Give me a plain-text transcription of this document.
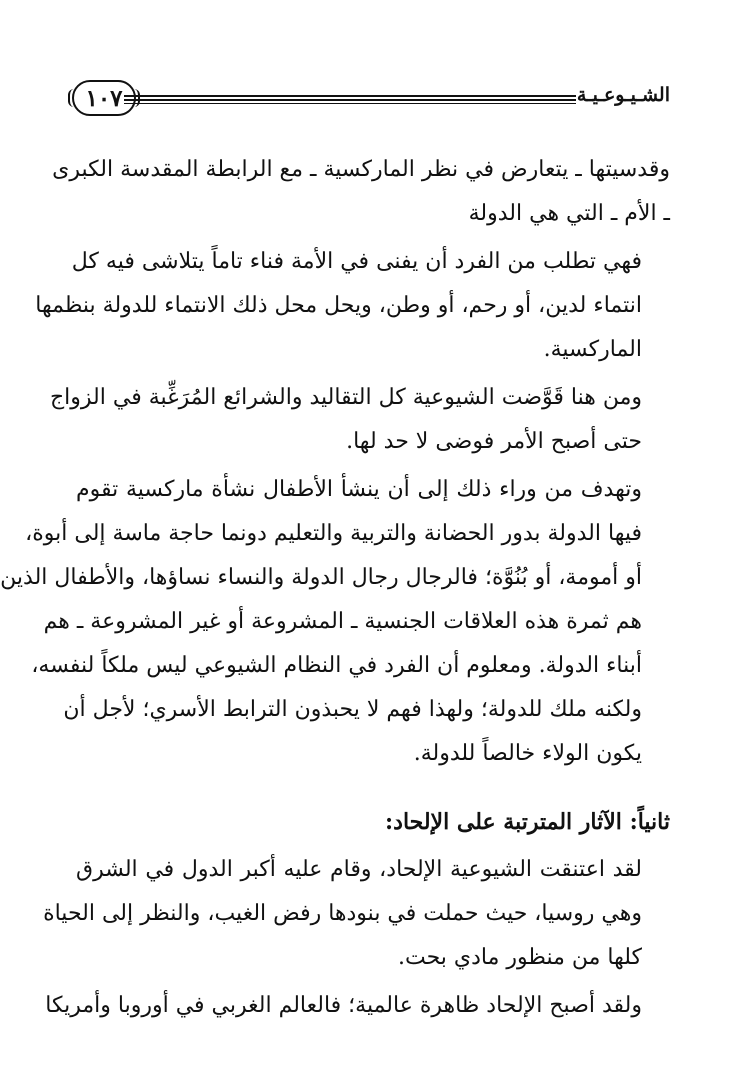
الشـيـوعـيـة
١٠٧

وقدسيتها ـ يتعارض في نظر الماركسية ـ مع الرابطة المقدسة الكبرى
ـ الأم ـ التي هي الدولة

فهي تطلب من الفرد أن يفنى في الأمة فناء تاماً يتلاشى فيه كل
انتماء لدين، أو رحم، أو وطن، ويحل محل ذلك الانتماء للدولة بنظمها
الماركسية.

ومن هنا قَوَّضت الشيوعية كل التقاليد والشرائع المُرَغِّبة في الزواج
حتى أصبح الأمر فوضى لا حد لها.

وتهدف من وراء ذلك إلى أن ينشأ الأطفال نشأة ماركسية تقوم
فيها الدولة بدور الحضانة والتربية والتعليم دونما حاجة ماسة إلى أبوة،
أو أمومة، أو بُنُوَّة؛ فالرجال رجال الدولة والنساء نساؤها، والأطفال الذين
هم ثمرة هذه العلاقات الجنسية ـ المشروعة أو غير المشروعة ـ هم
أبناء الدولة. ومعلوم أن الفرد في النظام الشيوعي ليس ملكاً لنفسه،
ولكنه ملك للدولة؛ ولهذا فهم لا يحبذون الترابط الأسري؛ لأجل أن
يكون الولاء خالصاً للدولة.

ثانياً: الآثار المترتبة على الإلحاد:

لقد اعتنقت الشيوعية الإلحاد، وقام عليه أكبر الدول في الشرق
وهي روسيا، حيث حملت في بنودها رفض الغيب، والنظر إلى الحياة
كلها من منظور مادي بحت.

ولقد أصبح الإلحاد ظاهرة عالمية؛ فالعالم الغربي في أوروبا وأمريكا
